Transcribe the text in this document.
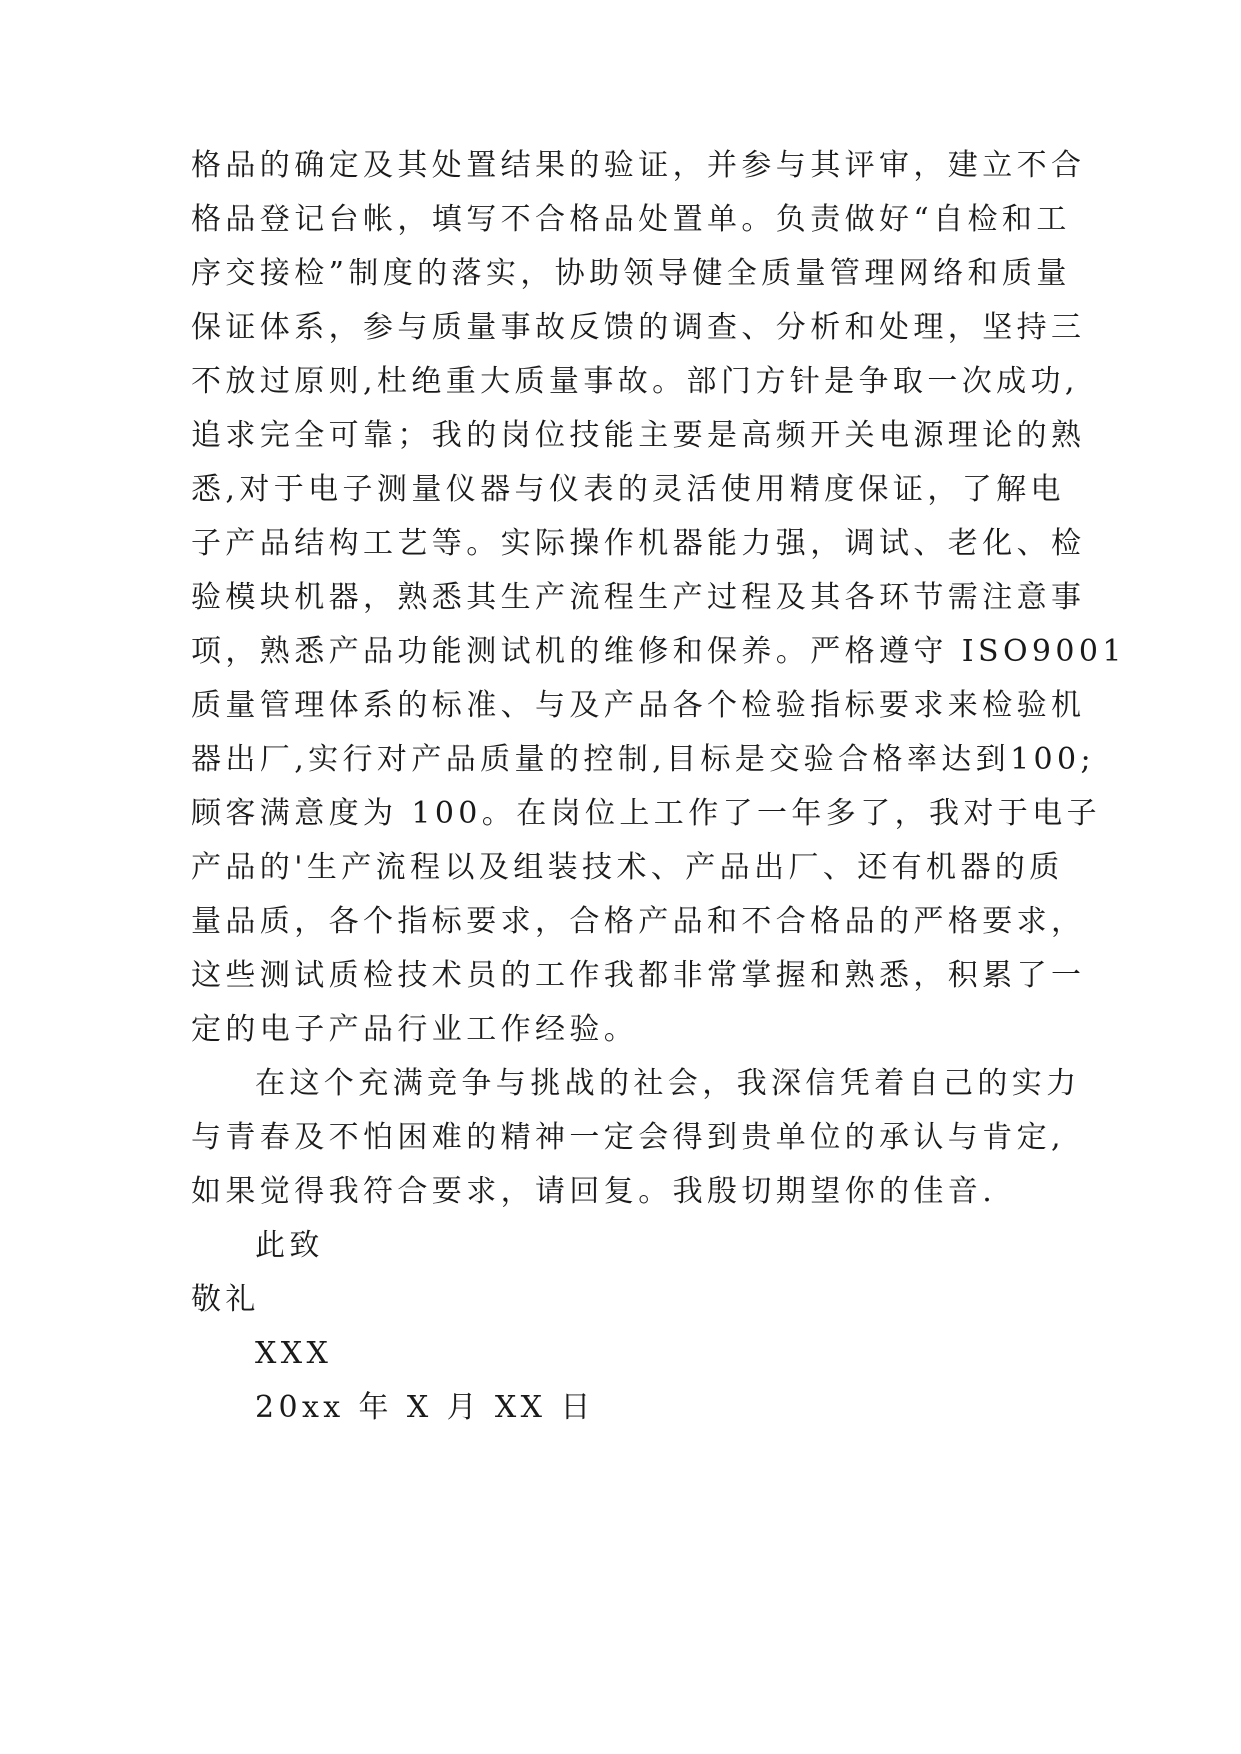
格品的确定及其处置结果的验证，并参与其评审，建立不合
格品登记台帐，填写不合格品处置单。负责做好“自检和工
序交接检”制度的落实，协助领导健全质量管理网络和质量
保证体系，参与质量事故反馈的调查、分析和处理，坚持三
不放过原则,杜绝重大质量事故。部门方针是争取一次成功,
追求完全可靠；我的岗位技能主要是高频开关电源理论的熟
悉,对于电子测量仪器与仪表的灵活使用精度保证，了解电
子产品结构工艺等。实际操作机器能力强，调试、老化、检
验模块机器，熟悉其生产流程生产过程及其各环节需注意事
项，熟悉产品功能测试机的维修和保养。严格遵守 ISO9001
质量管理体系的标准、与及产品各个检验指标要求来检验机
器出厂,实行对产品质量的控制,目标是交验合格率达到100;
顾客满意度为 100。在岗位上工作了一年多了，我对于电子
产品的'生产流程以及组装技术、产品出厂、还有机器的质
量品质，各个指标要求，合格产品和不合格品的严格要求，
这些测试质检技术员的工作我都非常掌握和熟悉，积累了一
定的电子产品行业工作经验。
在这个充满竞争与挑战的社会，我深信凭着自己的实力
与青春及不怕困难的精神一定会得到贵单位的承认与肯定,
如果觉得我符合要求，请回复。我殷切期望你的佳音.
此致
敬礼
XXX
20xx 年 X 月 XX 日
